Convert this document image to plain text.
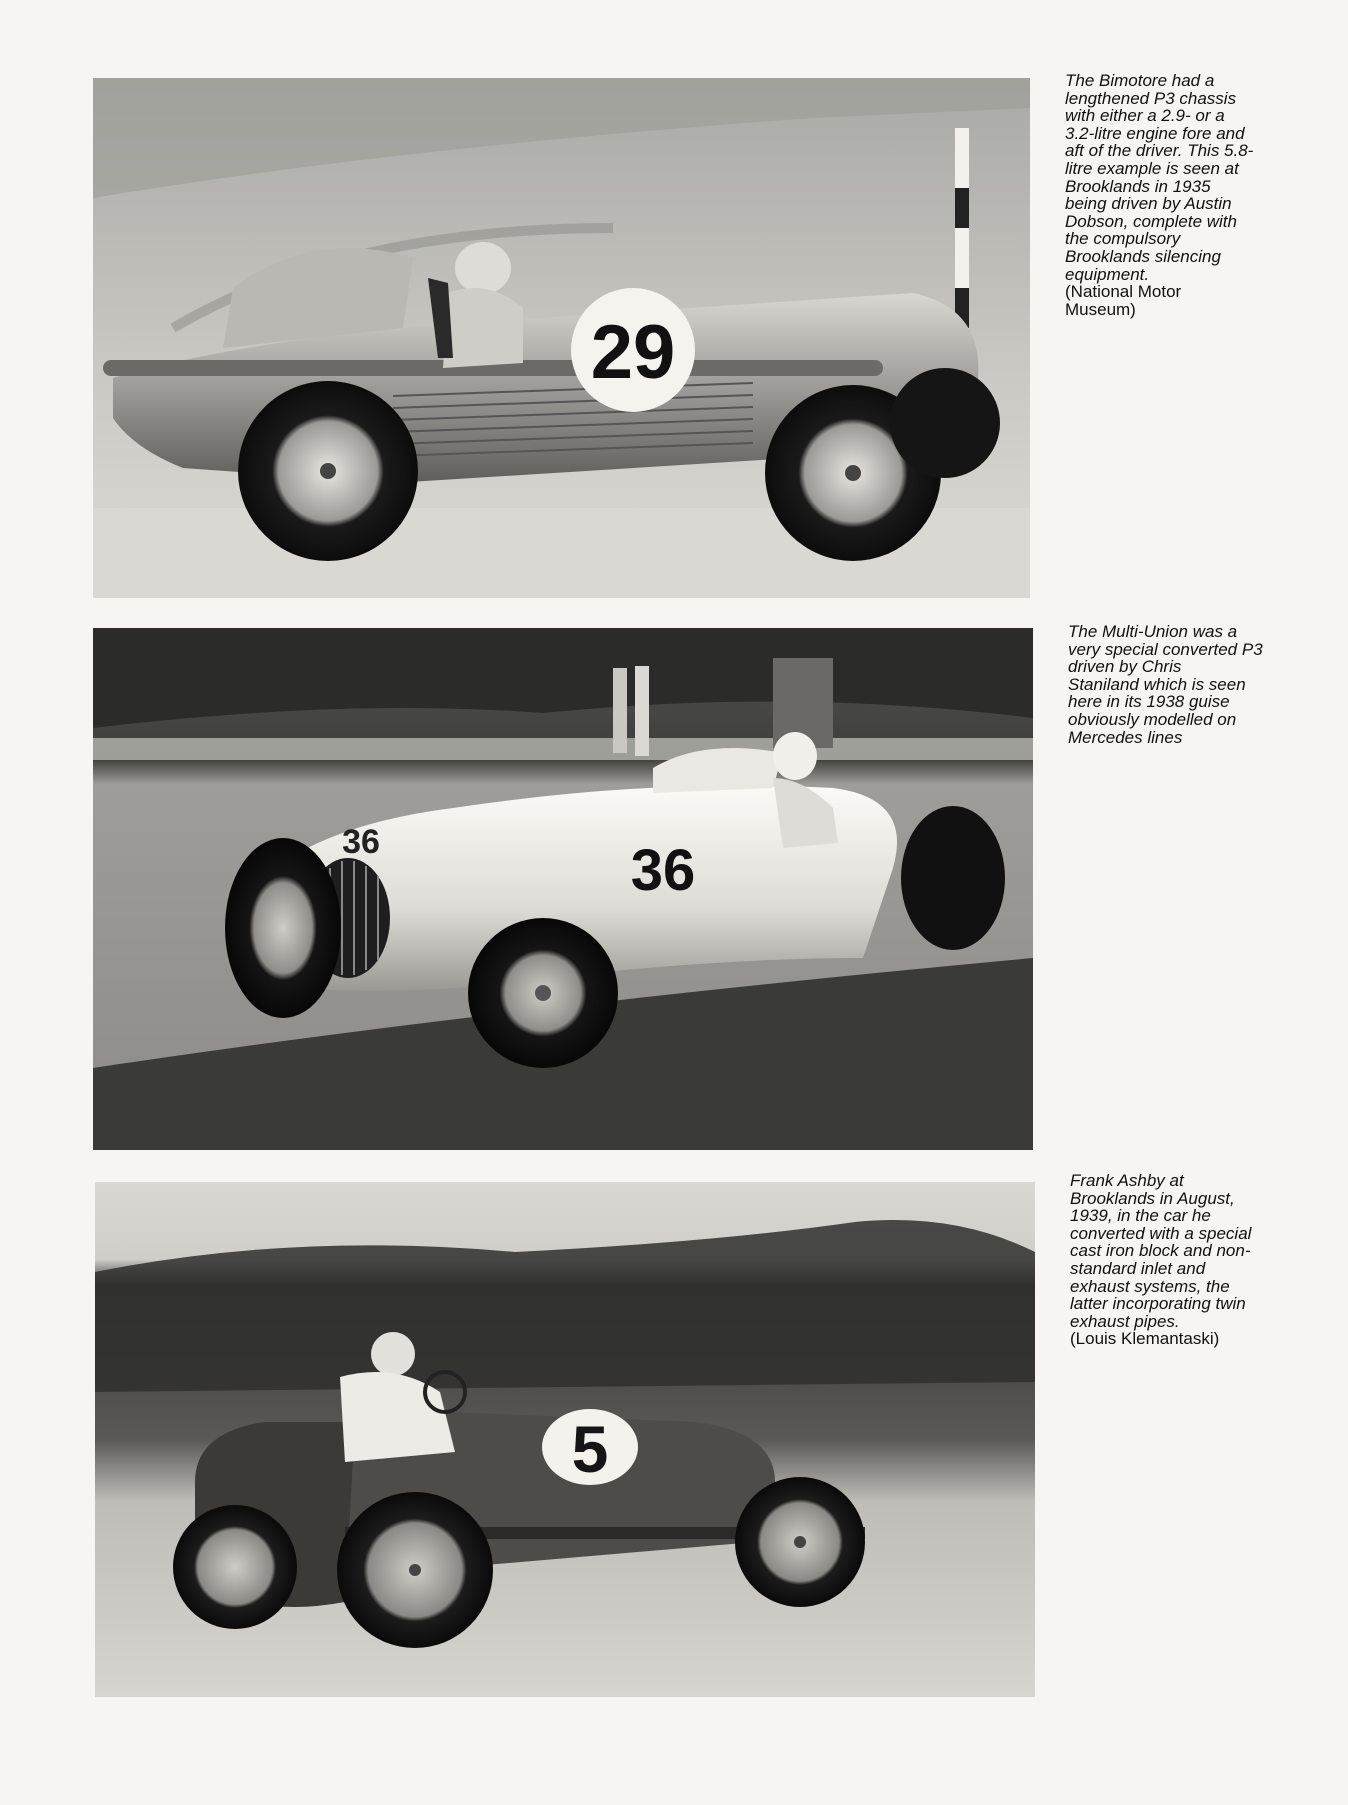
29

The Bimotore had a
lengthened P3 chassis
with either a 2.9- or a
3.2-litre engine fore and
aft of the driver. This 5.8-
litre example is seen at
Brooklands in 1935
being driven by Austin
Dobson, complete with
the compulsory
Brooklands silencing
equipment.
(National Motor
Museum)

36
36

The Multi-Union was a
very special converted P3
driven by Chris
Staniland which is seen
here in its 1938 guise
obviously modelled on
Mercedes lines

5

Frank Ashby at
Brooklands in August,
1939, in the car he
converted with a special
cast iron block and non-
standard inlet and
exhaust systems, the
latter incorporating twin
exhaust pipes.
(Louis Klemantaski)
